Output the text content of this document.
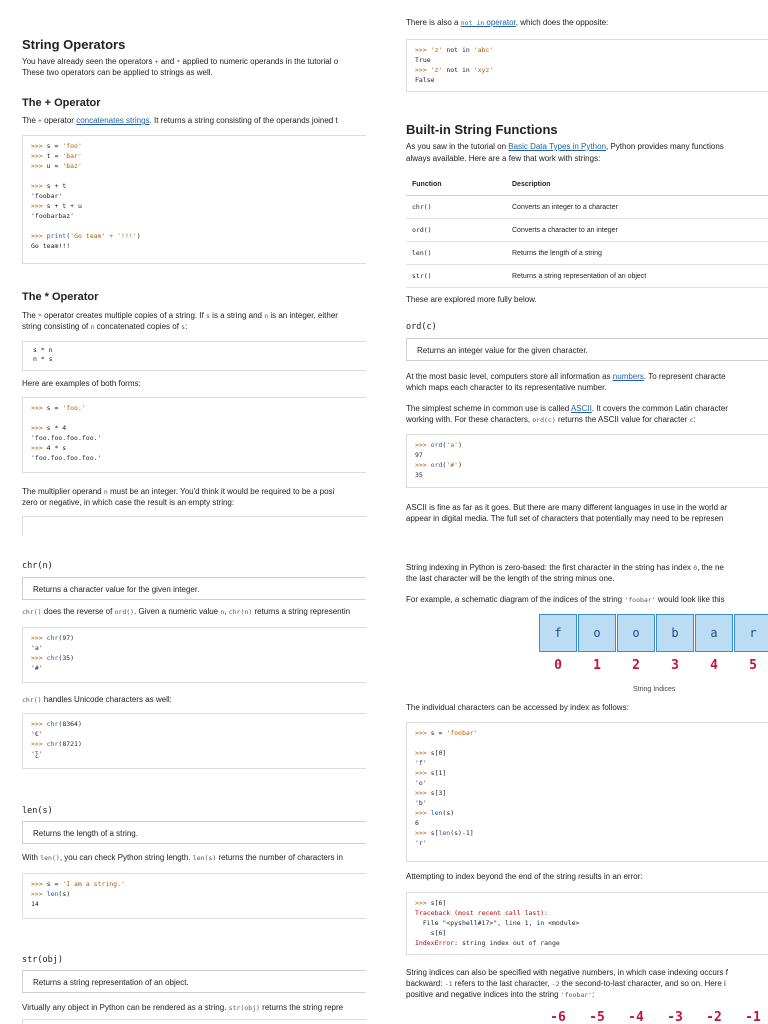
String Operators

You have already seen the operators + and * applied to numeric operands in the tutorial o

These two operators can be applied to strings as well.

The + Operator

The + operator concatenates strings. It returns a string consisting of the operands joined t

>>> s = 'foo'
>>> t = 'bar'
>>> u = 'baz'

>>> s + t
'foobar'
>>> s + t + u
'foobarbaz'

>>> print('Go team' + '!!!')
Go team!!!
The * Operator

The * operator creates multiple copies of a string. If s is a string and n is an integer, either

string consisting of n concatenated copies of s:

s * n
n * s

Here are examples of both forms:

>>> s = 'foo.'

>>> s * 4
'foo.foo.foo.foo.'
>>> 4 * s
'foo.foo.foo.foo.'

The multiplier operand n must be an integer. You'd think it would be required to be a posi

zero or negative, in which case the result is an empty string:

chr(n)
Returns a character value for the given integer.

chr() does the reverse of ord(). Given a numeric value n, chr(n) returns a string representin

>>> chr(97)
'a'
>>> chr(35)
'#'

chr() handles Unicode characters as well:

>>> chr(8364)
'€'
>>> chr(8721)
'∑'
len(s)
Returns the length of a string.

With len(), you can check Python string length. len(s) returns the number of characters in

>>> s = 'I am a string.'
>>> len(s)
14
str(obj)
Returns a string representation of an object.

Virtually any object in Python can be rendered as a string. str(obj) returns the string repre

There is also a not in operator, which does the opposite:

>>> 'z' not in 'abc'
True
>>> 'z' not in 'xyz'
False
Built-in String Functions

As you saw in the tutorial on Basic Data Types in Python, Python provides many functions

always available. Here are a few that work with strings:

Function	Description
chr()	Converts an integer to a character
ord()	Converts a character to an integer
len()	Returns the length of a string
str()	Returns a string representation of an object

These are explored more fully below.

ord(c)
Returns an integer value for the given character.

At the most basic level, computers store all information as numbers. To represent characte

which maps each character to its representative number.

The simplest scheme in common use is called ASCII. It covers the common Latin character

working with. For these characters, ord(c) returns the ASCII value for character c:

>>> ord('a')
97
>>> ord('#')
35

ASCII is fine as far as it goes. But there are many different languages in use in the world ar

appear in digital media. The full set of characters that potentially may need to be represen

String indexing in Python is zero-based: the first character in the string has index 0, the ne

the last character will be the length of the string minus one.

For example, a schematic diagram of the indices of the string 'foobar' would look like this

f	o	o	b	a	r
0	1	2	3	4	5

String Indices

The individual characters can be accessed by index as follows:

>>> s = 'foobar'

>>> s[0]
'f'
>>> s[1]
'o'
>>> s[3]
'b'
>>> len(s)
6
>>> s[len(s)-1]
'r'

Attempting to index beyond the end of the string results in an error:

>>> s[6]
Traceback (most recent call last):
File "<pyshell#17>", line 1, in <module>
s[6]
IndexError: string index out of range

String indices can also be specified with negative numbers, in which case indexing occurs f

backward: -1 refers to the last character, -2 the second-to-last character, and so on. Here i

positive and negative indices into the string 'foobar':

-6	-5	-4	-3	-2	-1
